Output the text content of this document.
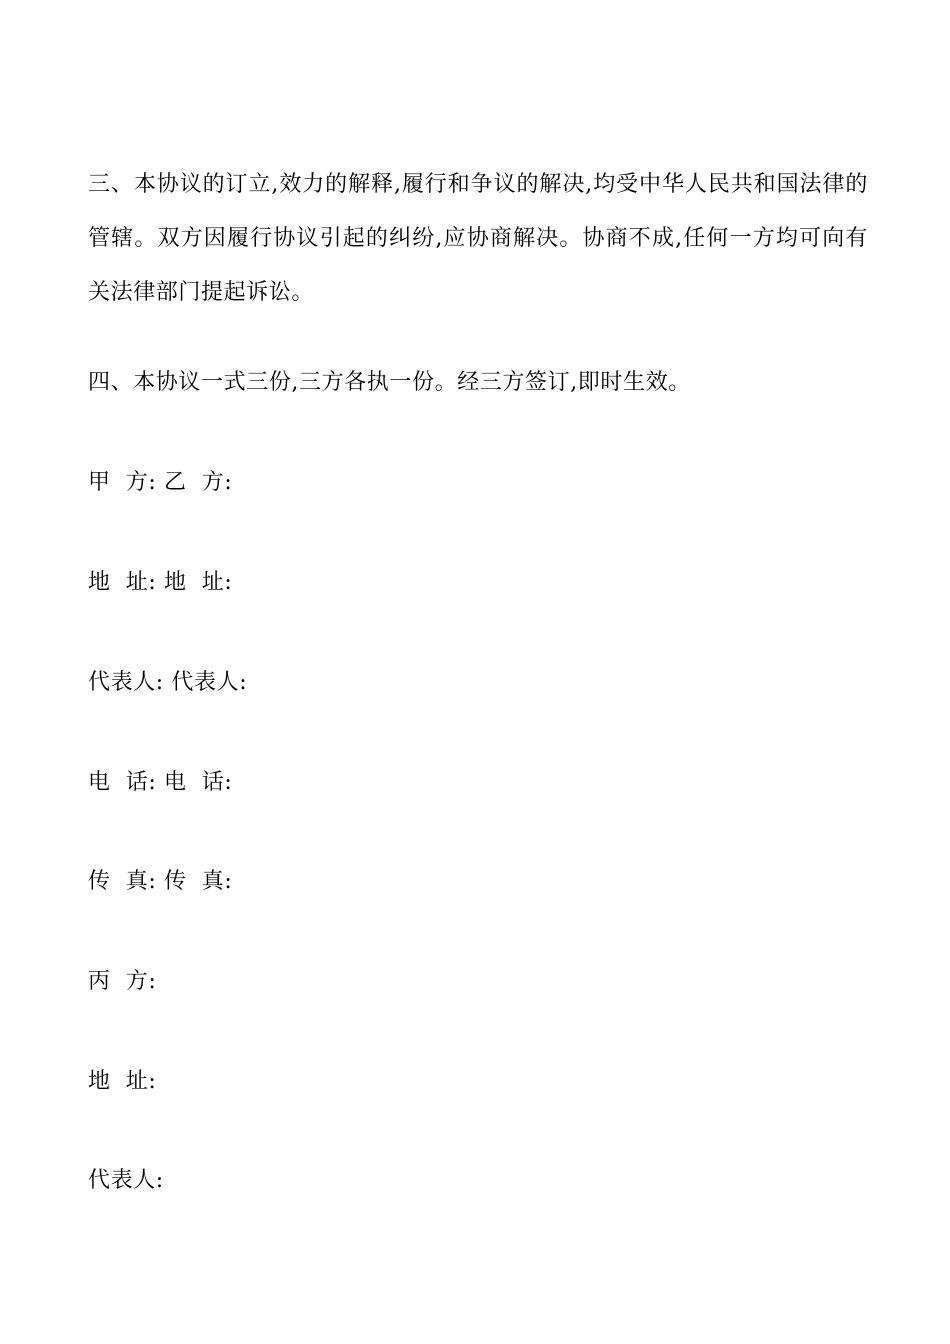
三、本协议的订立,效力的解释,履行和争议的解决,均受中华人民共和国法律的管辖。双方因履行协议引起的纠纷,应协商解决。协商不成,任何一方均可向有关法律部门提起诉讼。

四、本协议一式三份,三方各执一份。经三方签订,即时生效。

甲  方: 乙  方:

地  址: 地  址:

代表人: 代表人:

电  话: 电  话:

传  真: 传  真:

丙  方:

地  址:

代表人:
